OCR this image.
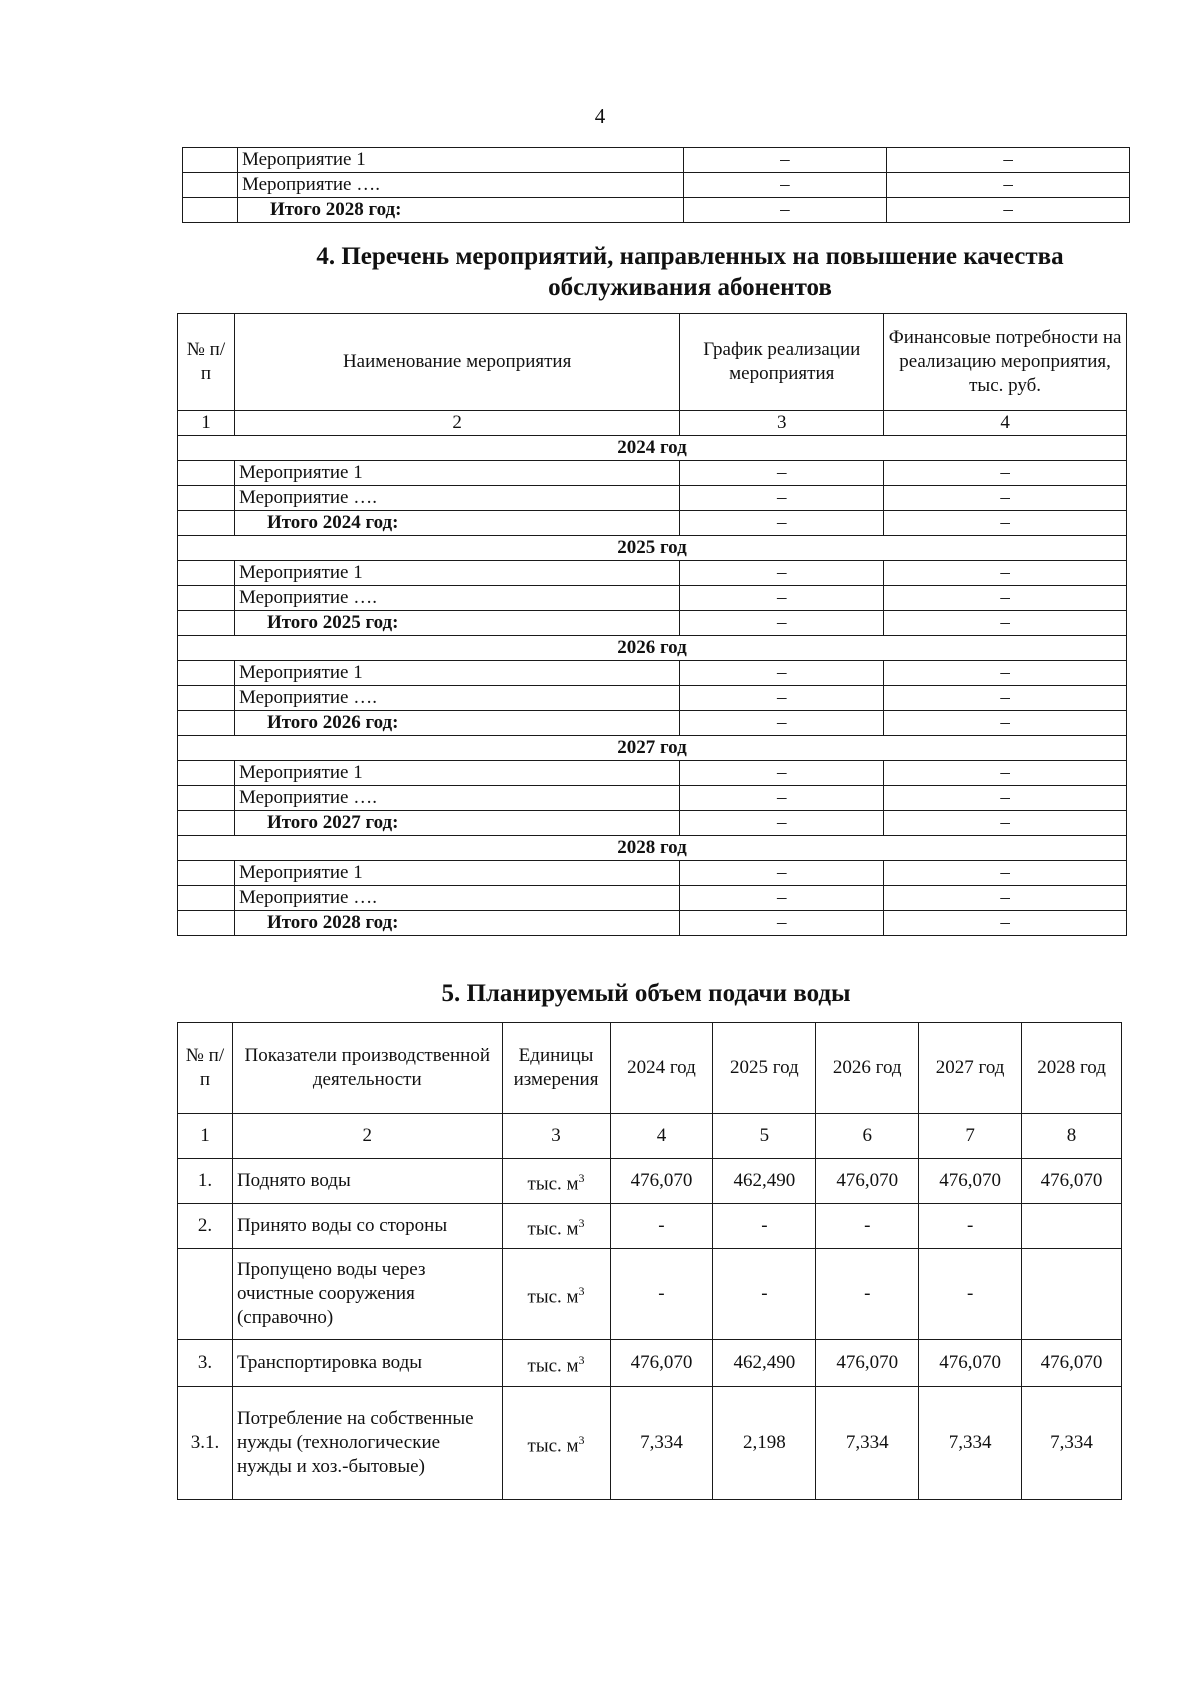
4
	Мероприятие 1	–	–
	Мероприятие ….	–	–
	Итого 2028 год:	–	–
4. Перечень мероприятий, направленных на повышение качества обслуживания абонентов
№ п/п	Наименование мероприятия	График реализации мероприятия	Финансовые потребности на реализацию мероприятия, тыс. руб.
1	2	3	4
2024 год			
	Мероприятие 1	–	–
	Мероприятие ….	–	–
	Итого 2024 год:	–	–
2025 год			
	Мероприятие 1	–	–
	Мероприятие ….	–	–
	Итого 2025 год:	–	–
2026 год			
	Мероприятие 1	–	–
	Мероприятие ….	–	–
	Итого 2026 год:	–	–
2027 год			
	Мероприятие 1	–	–
	Мероприятие ….	–	–
	Итого 2027 год:	–	–
2028 год			
	Мероприятие 1	–	–
	Мероприятие ….	–	–
	Итого 2028 год:	–	–
5. Планируемый объем подачи воды
№ п/п	Показатели производственной деятельности	Единицы измерения	2024 год	2025 год	2026 год	2027 год	2028 год
1	2	3	4	5	6	7	8
1.	Поднято воды	тыс. $м^3$	476,070	462,490	476,070	476,070	476,070
2.	Принято воды со стороны	тыс. $м^3$	-	-	-	-	
	Пропущено воды через очистные сооружения (справочно)	тыс. $м^3$	-	-	-	-	
3.	Транспортировка воды	тыс. $м^3$	476,070	462,490	476,070	476,070	476,070
3.1.	Потребление на собственные нужды (технологические нужды и хоз.-бытовые)	тыс. $м^3$	7,334	2,198	7,334	7,334	7,334
